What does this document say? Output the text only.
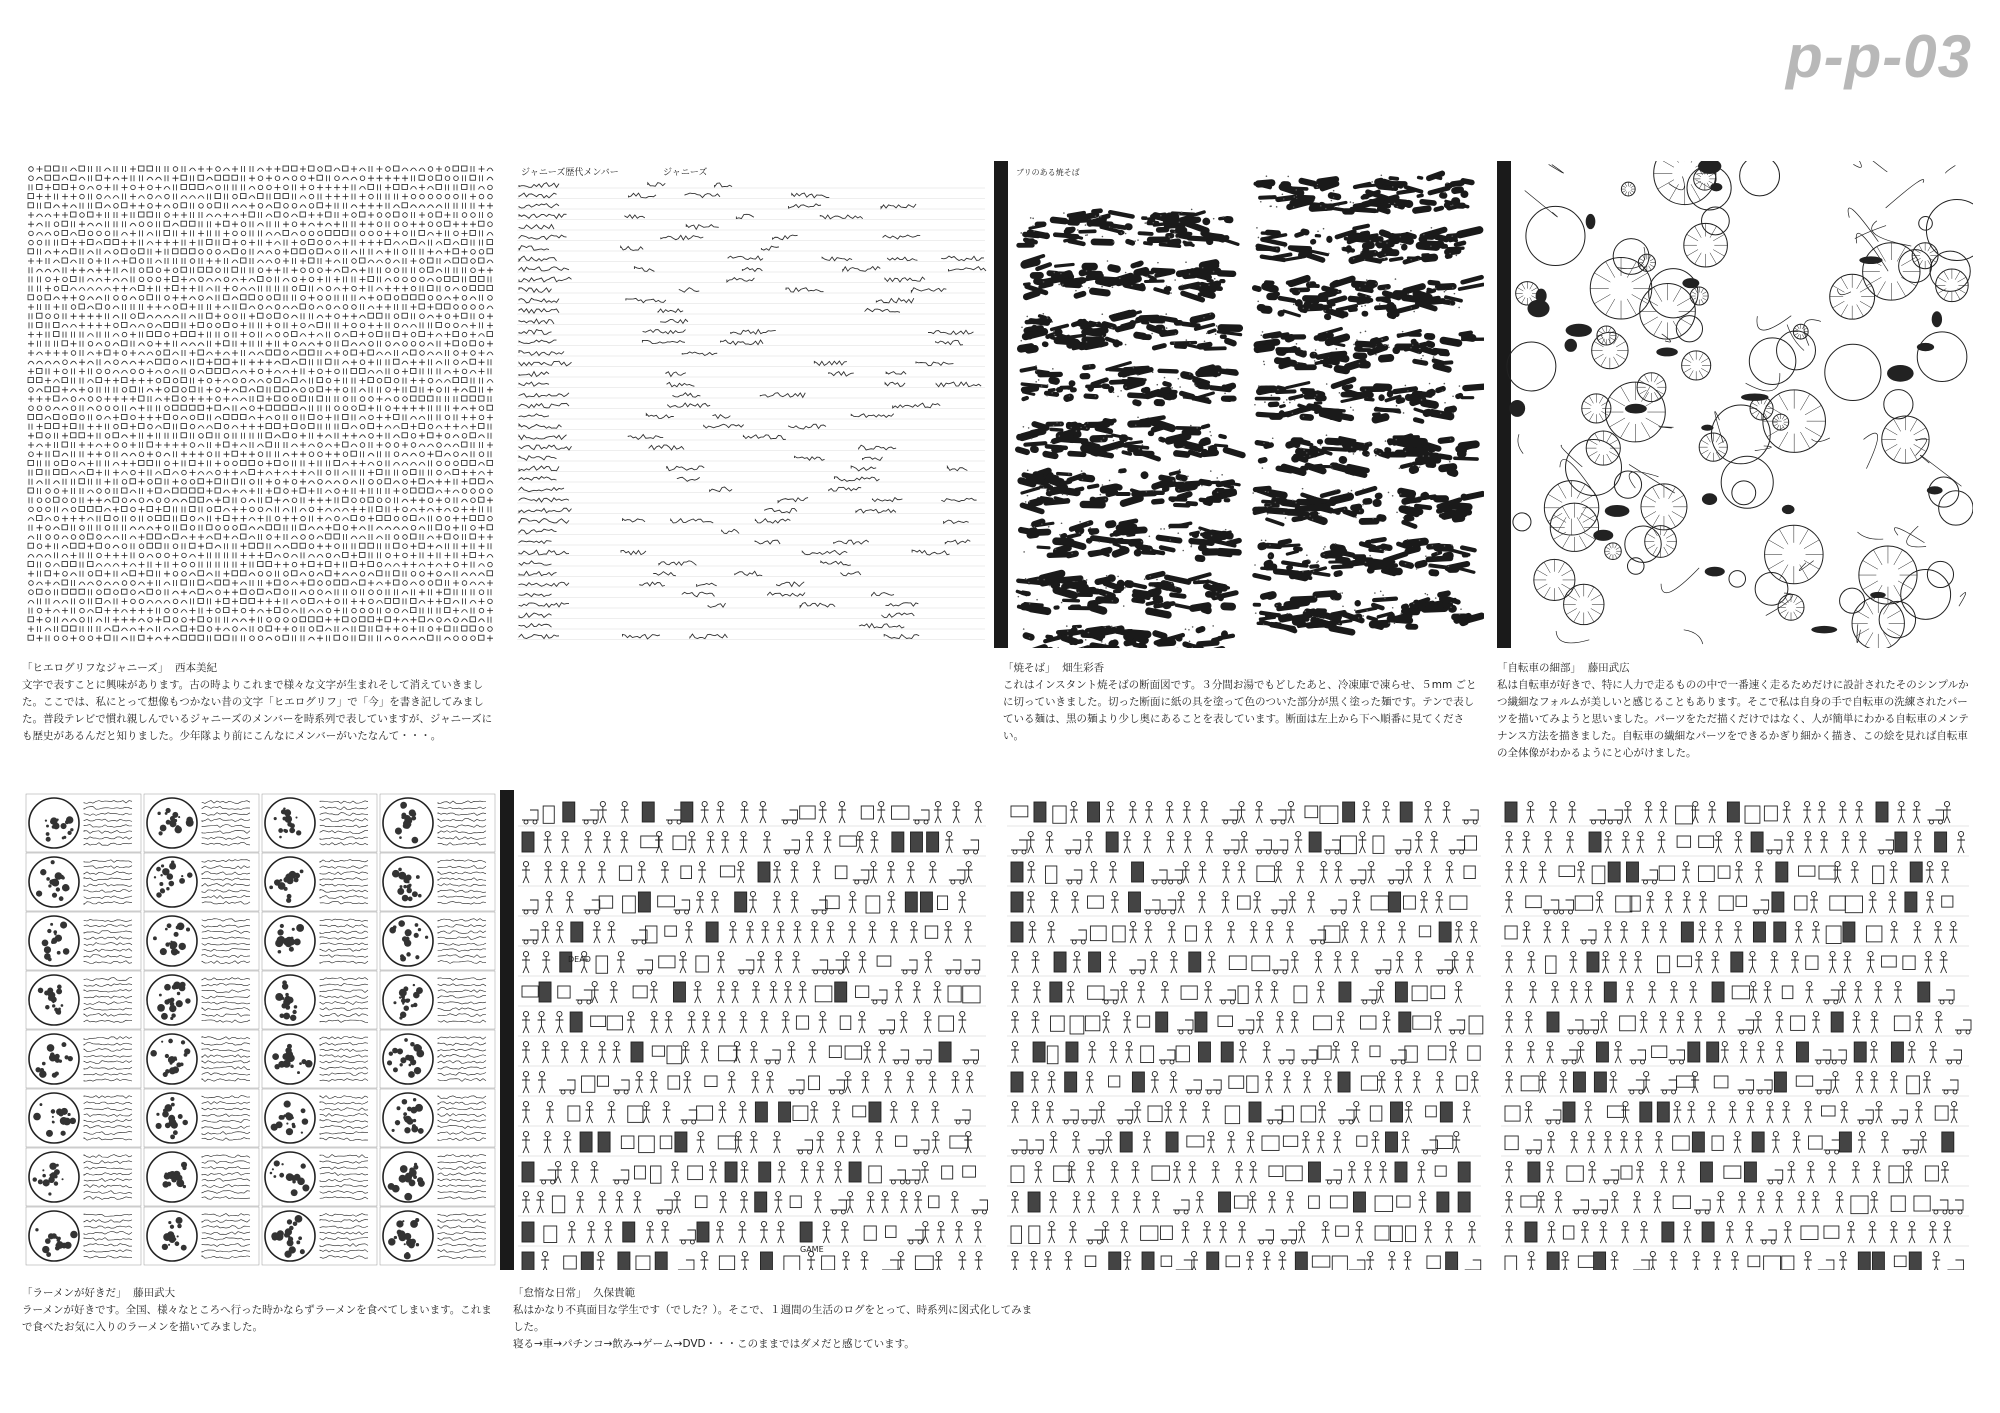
p-p-03
ジャニーズ歴代メンバー	ジャニーズ	ブリのある焼そば
「ヒエログリフなジャニーズ」 西本美紀
文字で表すことに興味があります。古の時よりこれまで様々な文字が生まれそして消えていきました。ここでは、私にとって想像もつかない昔の文字「ヒエログリフ」で「今」を書き記してみました。普段テレビで慣れ親しんでいるジャニーズのメンバーを時系列で表していますが、ジャニーズにも歴史があるんだと知りました。少年隊より前にこんなにメンバーがいたなんて・・・。
「焼そば」 畑生彩香
これはインスタント焼そばの断面図です。３分間お湯でもどしたあと、冷凍庫で凍らせ、５mm ごとに切っていきました。切った断面に紙の具を塗って色のついた部分が黒く塗った麺です。テンで表している麺は、黒の麺より少し奥にあることを表しています。断面は左上から下へ順番に見てください。
「自転車の細部」 藤田武広
私は自転車が好きで、特に人力で走るものの中で一番速く走るためだけに設計されたそのシンプルかつ繊細なフォルムが美しいと感じることもあります。そこで私は自身の手で自転車の洗練されたパーツを描いてみようと思いました。パーツをただ描くだけではなく、人が簡単にわかる自転車のメンテナンス方法を描きました。自転車の繊細なパーツをできるかぎり細かく描き、この絵を見れば自転車の全体像がわかるようにと心がけました。
DEAD
GAME
「ラーメンが好きだ」 藤田武大
ラーメンが好きです。全国、様々なところへ行った時かならずラーメンを食べてしまいます。これまで食べたお気に入りのラーメンを描いてみました。
「怠惰な日常」 久保貴範
私はかなり不真面目な学生です（でした？）。そこで、１週間の生活のログをとって、時系列に図式化してみました。
寝る→車→パチンコ→飲み→ゲーム→DVD・・・このままではダメだと感じています。
